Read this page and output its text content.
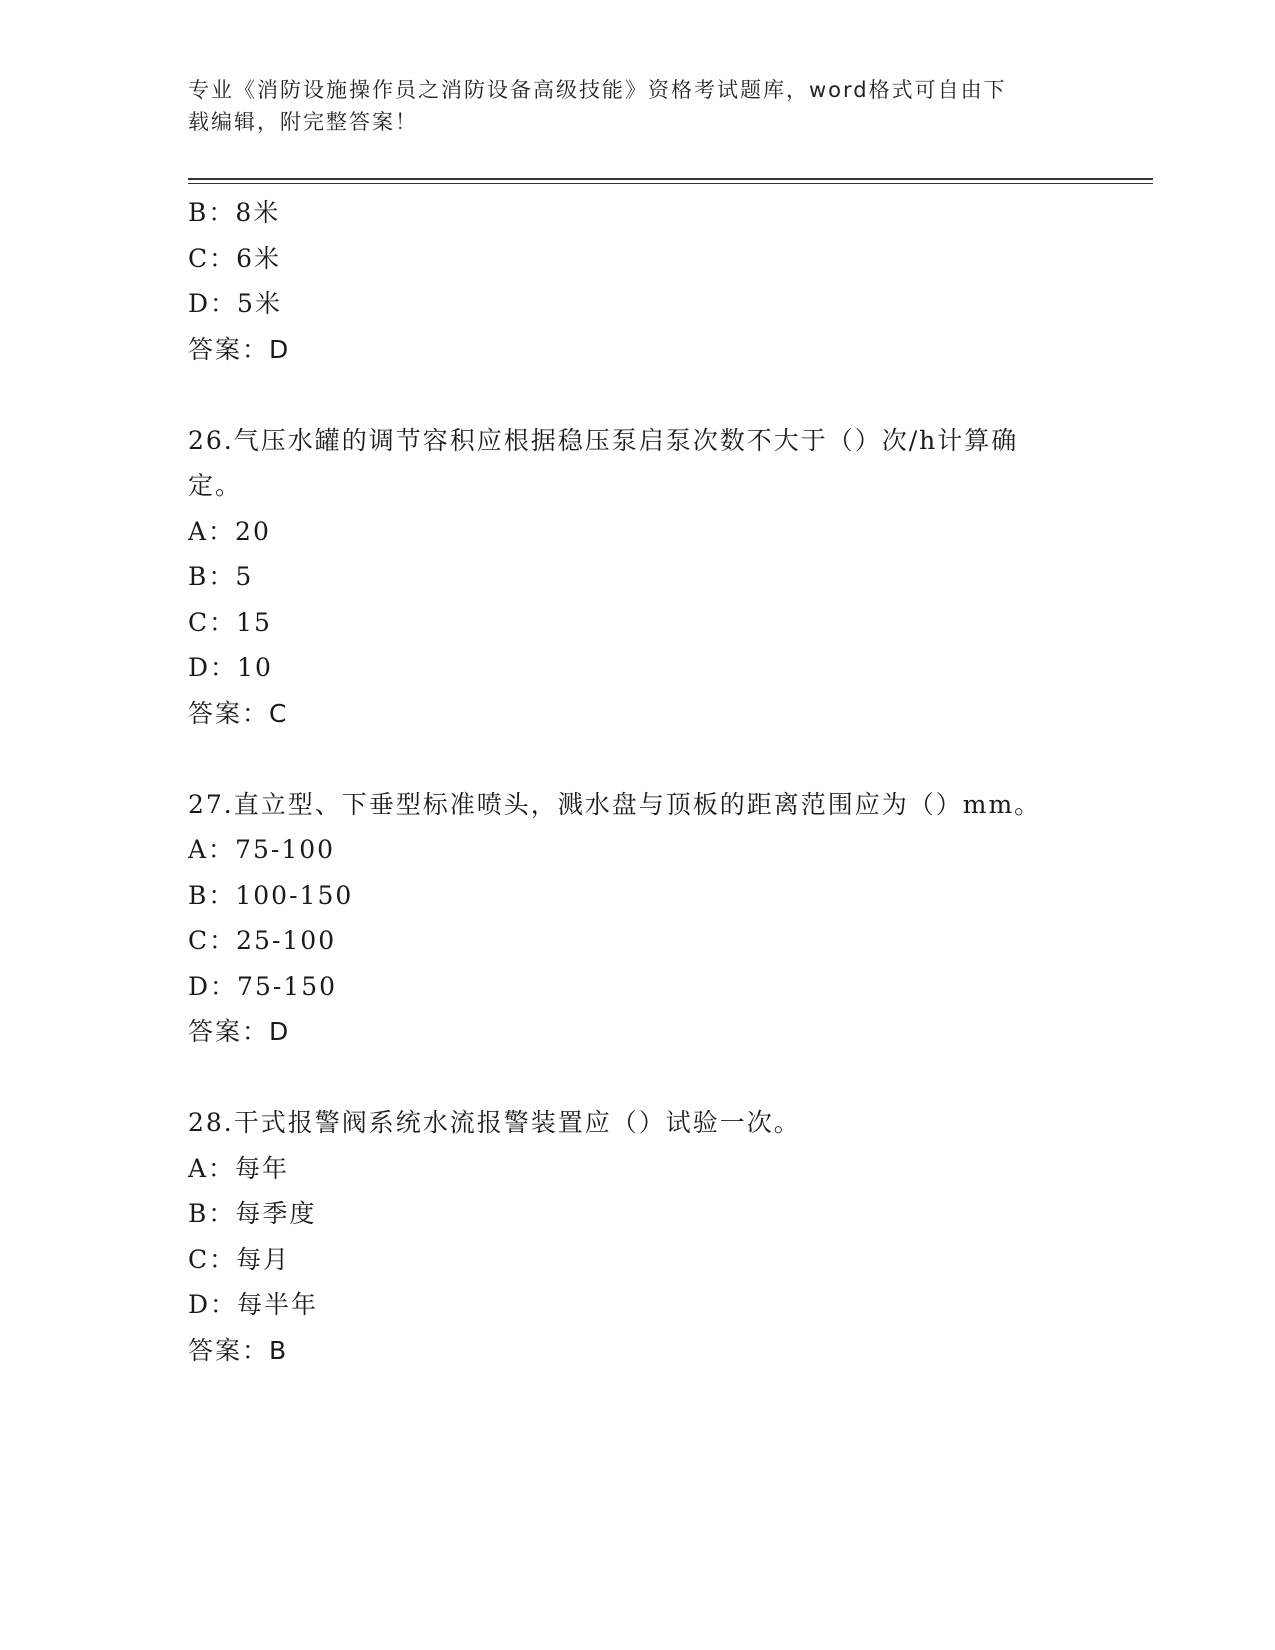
专业《消防设施操作员之消防设备高级技能》资格考试题库，word格式可自由下
载编辑，附完整答案！
B：8米
C：6米
D：5米
答案：D
26.气压水罐的调节容积应根据稳压泵启泵次数不大于（）次/h计算确
定。
A：20
B：5
C：15
D：10
答案：C
27.直立型、下垂型标准喷头，溅水盘与顶板的距离范围应为（）mm。
A：75-100
B：100-150
C：25-100
D：75-150
答案：D
28.干式报警阀系统水流报警装置应（）试验一次。
A：每年
B：每季度
C：每月
D：每半年
答案：B
